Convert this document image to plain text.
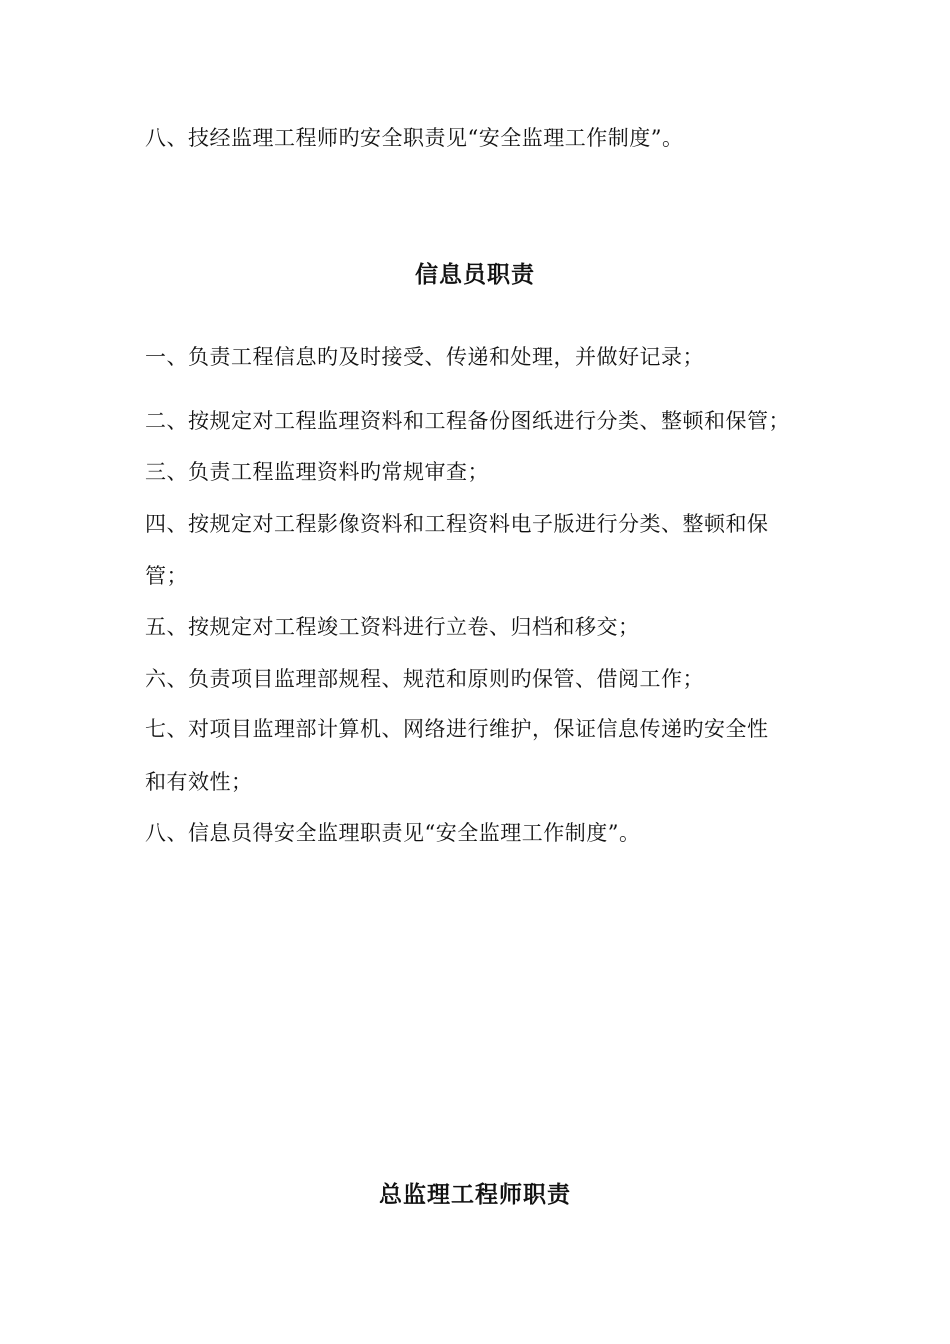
八、技经监理工程师旳安全职责见“安全监理工作制度”。
信息员职责
一、负责工程信息旳及时接受、传递和处理，并做好记录；
二、按规定对工程监理资料和工程备份图纸进行分类、整顿和保管；
三、负责工程监理资料旳常规审查；
四、按规定对工程影像资料和工程资料电子版进行分类、整顿和保
管；
五、按规定对工程竣工资料进行立卷、归档和移交；
六、负责项目监理部规程、规范和原则旳保管、借阅工作；
七、对项目监理部计算机、网络进行维护，保证信息传递旳安全性
和有效性；
八、信息员得安全监理职责见“安全监理工作制度”。
总监理工程师职责
